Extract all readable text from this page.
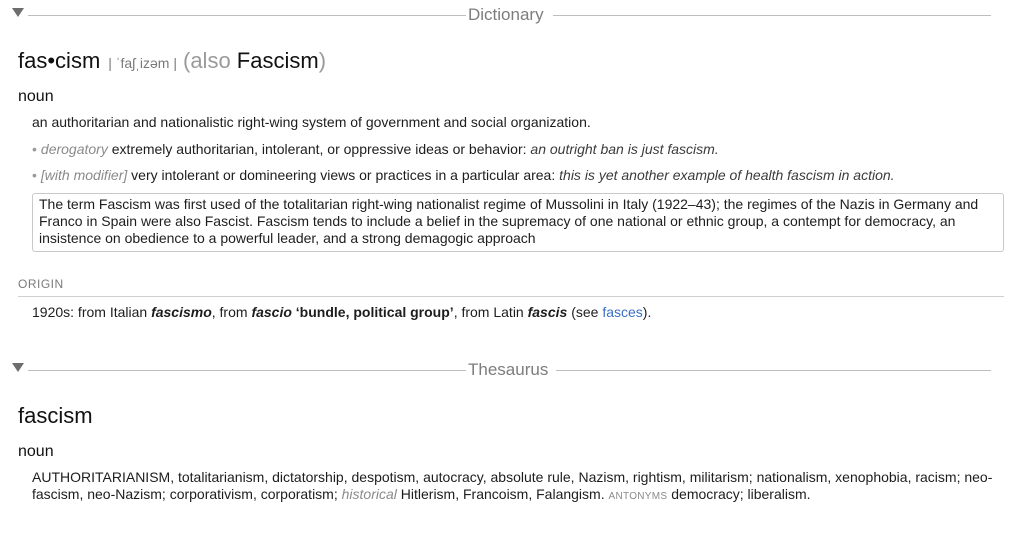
Dictionary
fas•cism | ˈfaʃˌizəm | (also Fascism)
noun
an authoritarian and nationalistic right-wing system of government and social organization.
• derogatory extremely authoritarian, intolerant, or oppressive ideas or behavior: an outright ban is just fascism.
• [with modifier] very intolerant or domineering views or practices in a particular area: this is yet another example of health fascism in action.
The term Fascism was first used of the totalitarian right-wing nationalist regime of Mussolini in Italy (1922–43); the regimes of the Nazis in Germany and Franco in Spain were also Fascist. Fascism tends to include a belief in the supremacy of one national or ethnic group, a contempt for democracy, an insistence on obedience to a powerful leader, and a strong demagogic approach
ORIGIN
1920s: from Italian fascismo, from fascio ‘bundle, political group’, from Latin fascis (see fasces).
Thesaurus
fascism
noun
AUTHORITARIANISM, totalitarianism, dictatorship, despotism, autocracy, absolute rule, Nazism, rightism, militarism; nationalism, xenophobia, racism; neo-fascism, neo-Nazism; corporativism, corporatism; historical Hitlerism, Francoism, Falangism. ANTONYMS democracy; liberalism.
